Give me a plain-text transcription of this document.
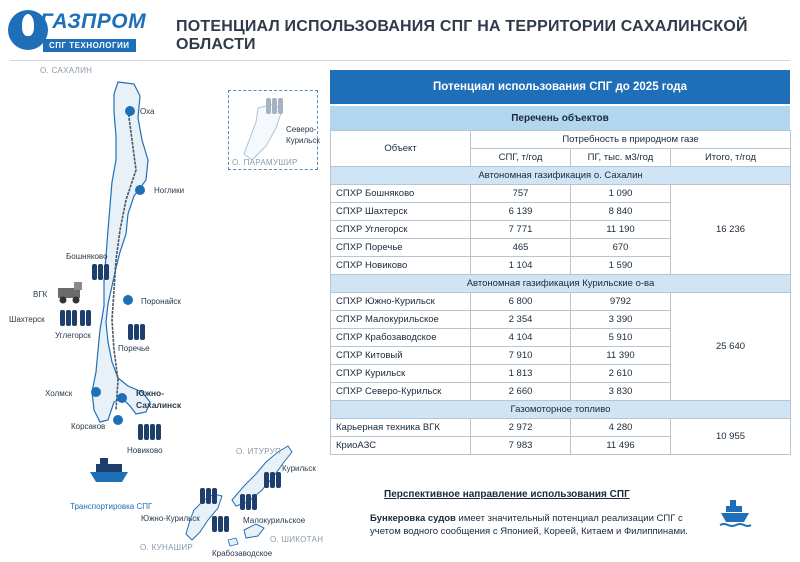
ГАЗПРОМ
СПГ ТЕХНОЛОГИИ
ПОТЕНЦИАЛ ИСПОЛЬЗОВАНИЯ СПГ НА ТЕРРИТОРИИ САХАЛИНСКОЙ ОБЛАСТИ
О. САХАЛИН
О. ПАРАМУШИР
О. ИТУРУП
О. КУНАШИР
О. ШИКОТАН
Оха
Ноглики
Бошняково
ВГК
Шахтерск
Углегорск
Поронайск
Поречье
Холмск	Южно-
Сахалинск
Корсаков
Новиково
Северо-
Курильск
Курильск
Южно-Курильск	Малокурильское
Крабозаводское
Транспортировка СПГ
Потенциал использования СПГ до 2025 года
Перечень объектов
Объект	Потребность в природном газе		
	СПГ, т/год	ПГ, тыс. м3/год	Итого, т/год
Автономная газификация о. Сахалин			
СПХР Бошняково	757	1 090	16 236
СПХР Шахтерск	6 139	8 840	
СПХР Углегорск	7 771	11 190	
СПХР Поречье	465	670	
СПХР Новиково	1 104	1 590	
Автономная газификация Курильские о-ва			
СПХР Южно-Курильск	6 800	9792	25 640
СПХР Малокурильское	2 354	3 390	
СПХР Крабозаводское	4 104	5 910	
СПХР Китовый	7 910	11 390	
СПХР Курильск	1 813	2 610	
СПХР Северо-Курильск	2 660	3 830	
Газомоторное топливо			
Карьерная техника ВГК	2 972	4 280	10 955
КриоАЗС	7 983	11 496	
Перспективное направление использования СПГ
Бункеровка судов имеет значительный потенциал реализации СПГ с учетом водного сообщения с Японией, Кореей, Китаем и Филиппинами.
